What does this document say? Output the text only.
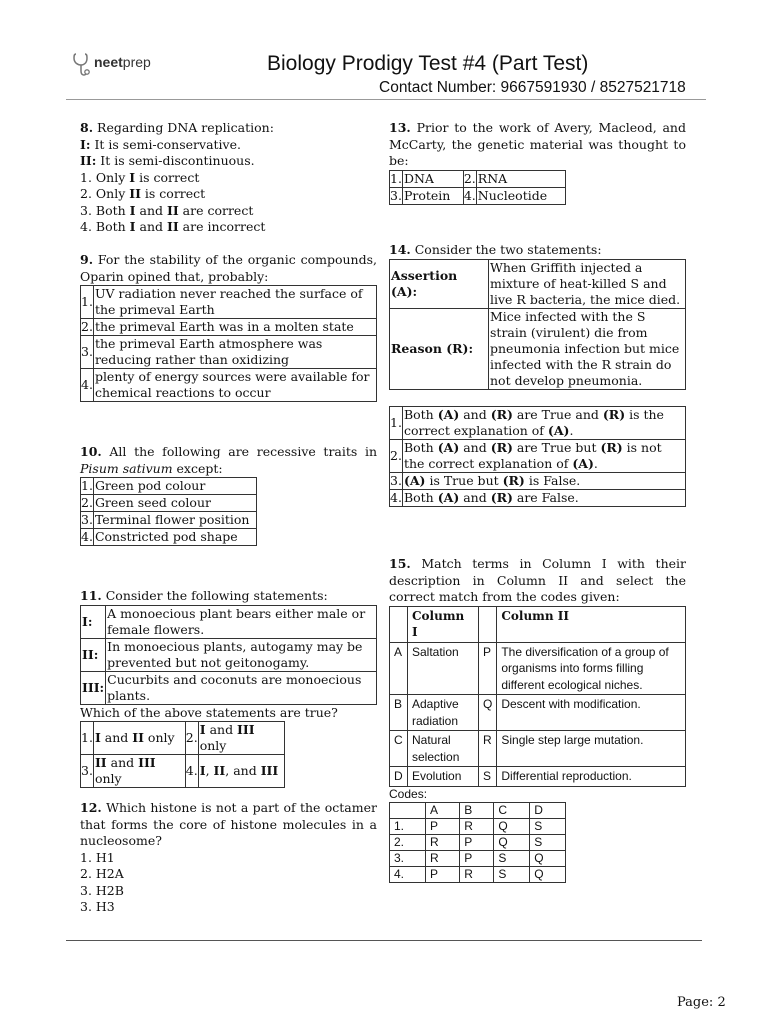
neetprep	Biology Prodigy Test #4 (Part Test)
Contact Number: 9667591930 / 8527521718

8. Regarding DNA replication:

I: It is semi-conservative.

II: It is semi-discontinuous.

1. Only I is correct

2. Only II is correct

3. Both I and II are correct

4. Both I and II are incorrect

9. For the stability of the organic compounds, Oparin opined that, probably:

1.	UV radiation never reached the surface of the primeval Earth
2.	the primeval Earth was in a molten state
3.	the primeval Earth atmosphere was reducing rather than oxidizing
4.	plenty of energy sources were available for chemical reactions to occur

10. All the following are recessive traits in Pisum sativum except:

1.	Green pod colour
2.	Green seed colour
3.	Terminal flower position
4.	Constricted pod shape

11. Consider the following statements:

I:	A monoecious plant bears either male or female flowers.
II:	In monoecious plants, autogamy may be prevented but not geitonogamy.
III:	Cucurbits and coconuts are monoecious plants.

Which of the above statements are true?

1.	I and II only	2.	I and III only
3.	II and III only	4.	I, II, and III

12. Which histone is not a part of the octamer that forms the core of histone molecules in a nucleosome?

1. H1

2. H2A

3. H2B

3. H3

13. Prior to the work of Avery, Macleod, and McCarty, the genetic material was thought to be:

1.	DNA	2.	RNA
3.	Protein	4.	Nucleotide

14. Consider the two statements:

Assertion (A):	When Griffith injected a mixture of heat-killed S and live R bacteria, the mice died.
Reason (R):	Mice infected with the S strain (virulent) die from pneumonia infection but mice infected with the R strain do not develop pneumonia.
1.	Both (A) and (R) are True and (R) is the correct explanation of (A).
2.	Both (A) and (R) are True but (R) is not the correct explanation of (A).
3.	(A) is True but (R) is False.
4.	Both (A) and (R) are False.

15. Match terms in Column I with their description in Column II and select the correct match from the codes given:

	Column I		Column II
A	Saltation	P	The diversification of a group of organisms into forms filling different ecological niches.
B	Adaptive radiation	Q	Descent with modification.
C	Natural selection	R	Single step large mutation.
D	Evolution	S	Differential reproduction.

Codes:

	A	B	C	D
1.	P	R	Q	S
2.	R	P	Q	S
3.	R	P	S	Q
4.	P	R	S	Q
Page: 2
